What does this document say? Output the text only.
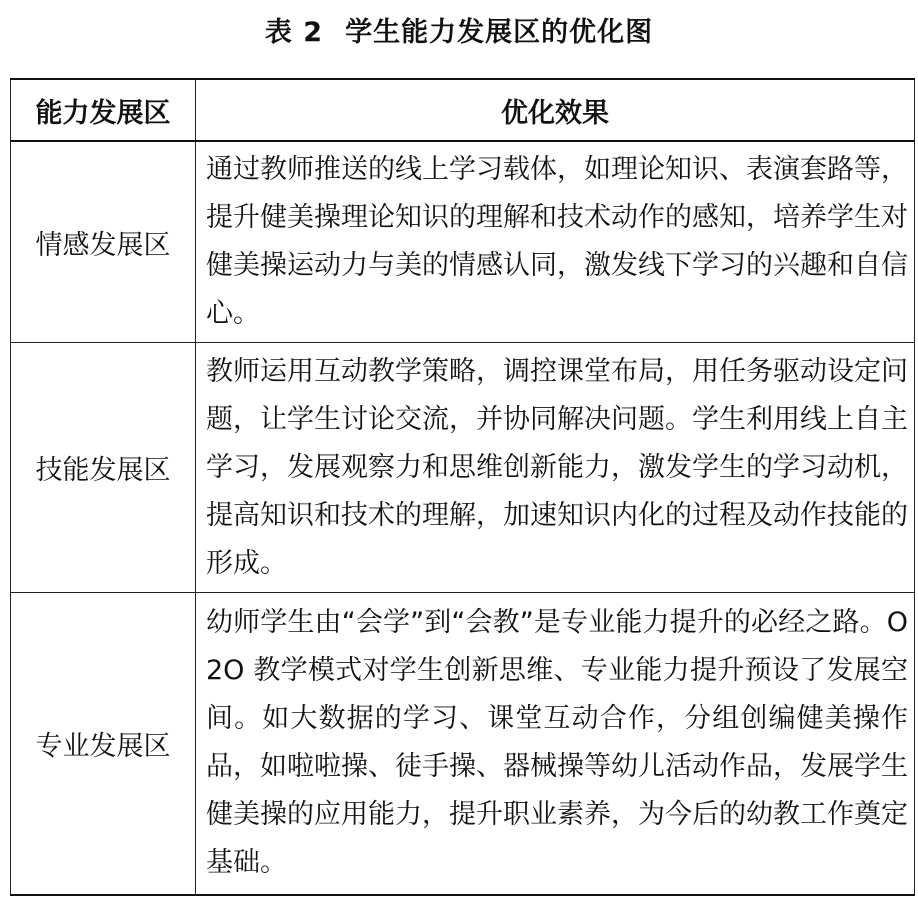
表 2 学生能力发展区的优化图
能力发展区	优化效果
情感发展区	通过教师推送的线上学习载体，如理论知识、表演套路等，提升健美操理论知识的理解和技术动作的感知，培养学生对健美操运动力与美的情感认同，激发线下学习的兴趣和自信心。
技能发展区	教师运用互动教学策略，调控课堂布局，用任务驱动设定问题，让学生讨论交流，并协同解决问题。学生利用线上自主学习，发展观察力和思维创新能力，激发学生的学习动机，提高知识和技术的理解，加速知识内化的过程及动作技能的形成。
专业发展区	幼师学生由“会学”到“会教”是专业能力提升的必经之路。O2O 教学模式对学生创新思维、专业能力提升预设了发展空间。如大数据的学习、课堂互动合作，分组创编健美操作品，如啦啦操、徒手操、器械操等幼儿活动作品，发展学生健美操的应用能力，提升职业素养，为今后的幼教工作奠定基础。
